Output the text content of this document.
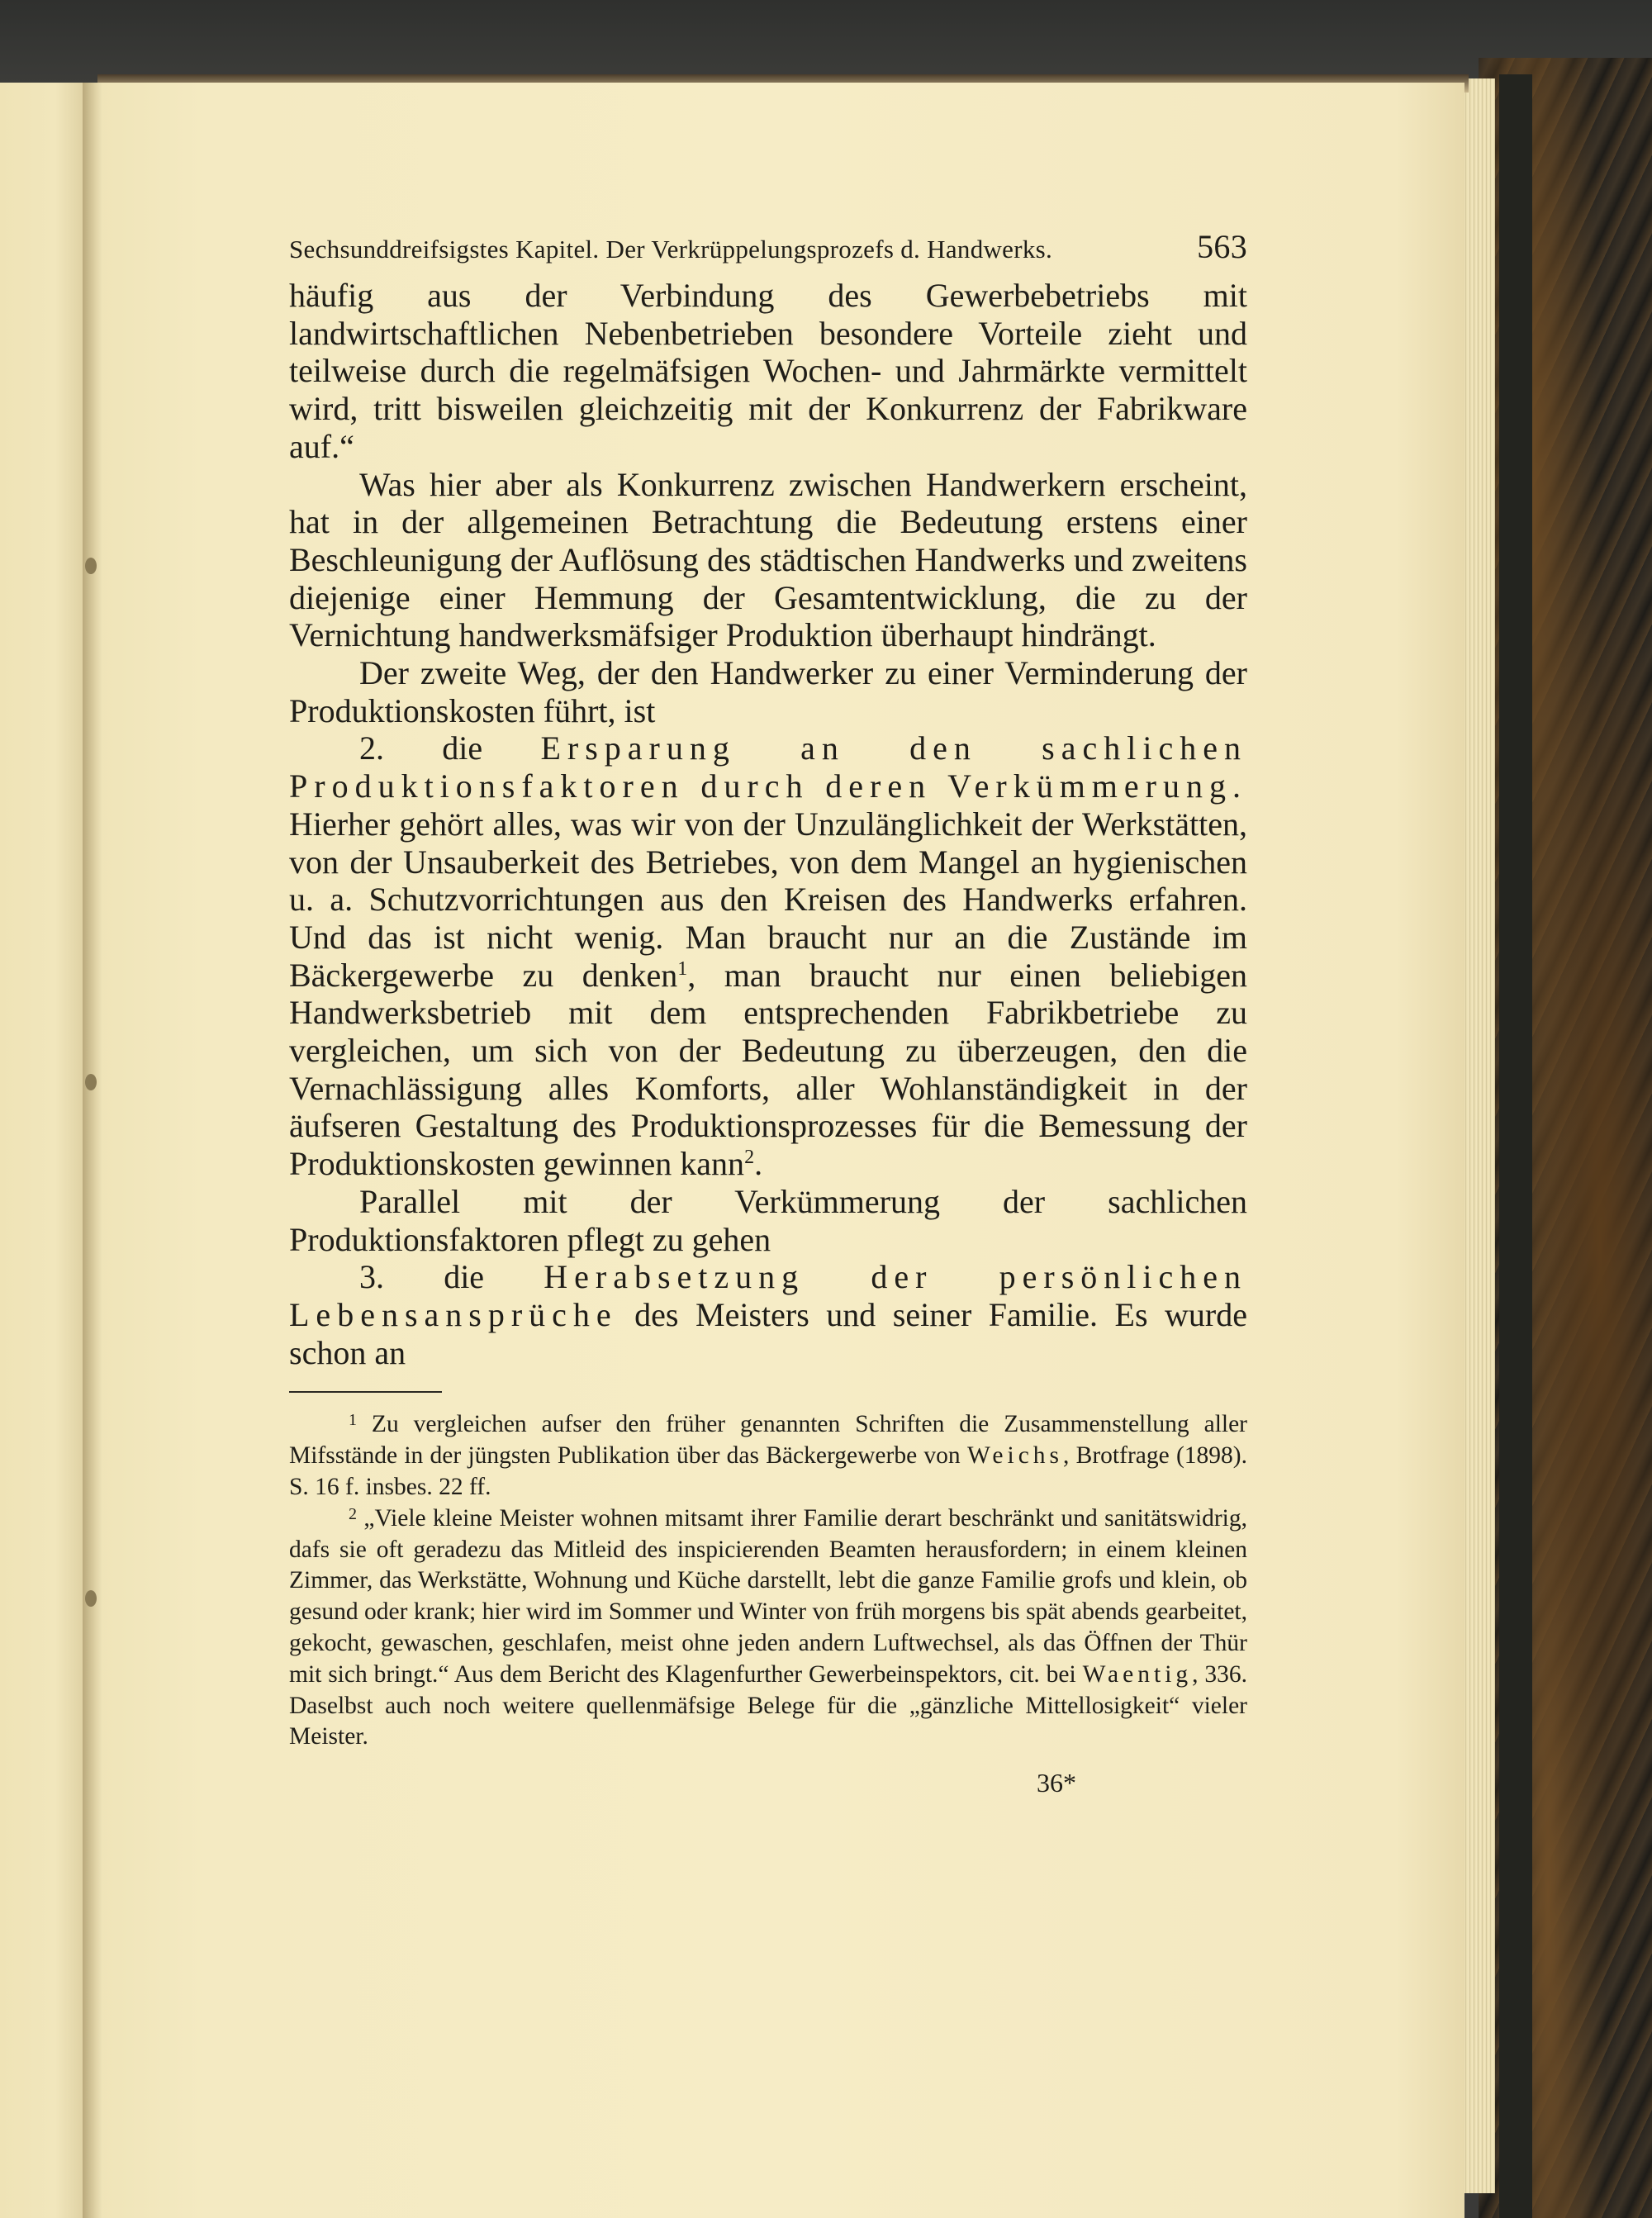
Sechsunddreifsigstes Kapitel. Der Verkrüppelungsprozefs d. Handwerks.	563

häufig aus der Verbindung des Gewerbebetriebs mit landwirtschaftlichen Nebenbetrieben besondere Vorteile zieht und teilweise durch die regelmäfsigen Wochen- und Jahrmärkte vermittelt wird, tritt bisweilen gleichzeitig mit der Konkurrenz der Fabrikware auf.“

Was hier aber als Konkurrenz zwischen Handwerkern erscheint, hat in der allgemeinen Betrachtung die Bedeutung erstens einer Beschleunigung der Auflösung des städtischen Handwerks und zweitens diejenige einer Hemmung der Gesamtentwicklung, die zu der Vernichtung handwerksmäfsiger Produktion überhaupt hindrängt.

Der zweite Weg, der den Handwerker zu einer Verminderung der Produktionskosten führt, ist

2. die Ersparung an den sachlichen Produktionsfaktoren durch deren Verkümmerung. Hierher gehört alles, was wir von der Unzulänglichkeit der Werkstätten, von der Unsauberkeit des Betriebes, von dem Mangel an hygienischen u. a. Schutzvorrichtungen aus den Kreisen des Handwerks erfahren. Und das ist nicht wenig. Man braucht nur an die Zustände im Bäckergewerbe zu denken$^1$, man braucht nur einen beliebigen Handwerksbetrieb mit dem entsprechenden Fabrikbetriebe zu vergleichen, um sich von der Bedeutung zu überzeugen, den die Vernachlässigung alles Komforts, aller Wohlanständigkeit in der äufseren Gestaltung des Produktionsprozesses für die Bemessung der Produktionskosten gewinnen kann$^2$.

Parallel mit der Verkümmerung der sachlichen Produktionsfaktoren pflegt zu gehen

3. die Herabsetzung der persönlichen Lebensansprüche des Meisters und seiner Familie. Es wurde schon an

$^1$ Zu vergleichen aufser den früher genannten Schriften die Zusammenstellung aller Mifsstände in der jüngsten Publikation über das Bäckergewerbe von Weichs, Brotfrage (1898). S. 16 f. insbes. 22 ff.

$^2$ „Viele kleine Meister wohnen mitsamt ihrer Familie derart beschränkt und sanitätswidrig, dafs sie oft geradezu das Mitleid des inspicierenden Beamten herausfordern; in einem kleinen Zimmer, das Werkstätte, Wohnung und Küche darstellt, lebt die ganze Familie grofs und klein, ob gesund oder krank; hier wird im Sommer und Winter von früh morgens bis spät abends gearbeitet, gekocht, gewaschen, geschlafen, meist ohne jeden andern Luftwechsel, als das Öffnen der Thür mit sich bringt.“ Aus dem Bericht des Klagenfurther Gewerbeinspektors, cit. bei Waentig, 336. Daselbst auch noch weitere quellenmäfsige Belege für die „gänzliche Mittellosigkeit“ vieler Meister.

36*
